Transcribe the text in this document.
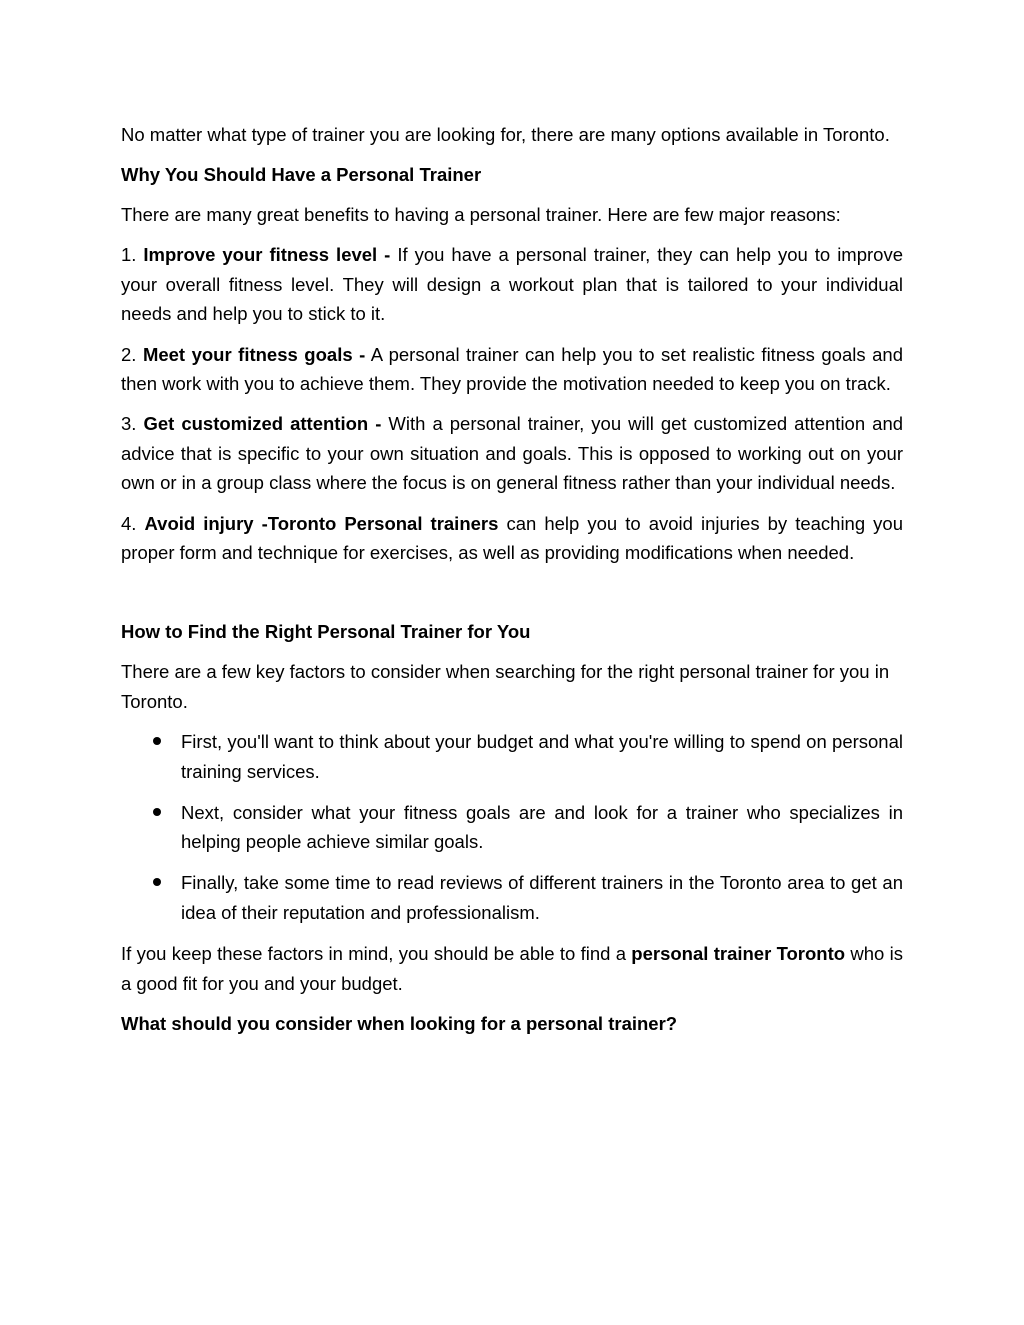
No matter what type of trainer you are looking for, there are many options available in Toronto.

Why You Should Have a Personal Trainer

There are many great benefits to having a personal trainer. Here are few major reasons:

1. Improve your fitness level - If you have a personal trainer, they can help you to improve your overall fitness level. They will design a workout plan that is tailored to your individual needs and help you to stick to it.

2. Meet your fitness goals - A personal trainer can help you to set realistic fitness goals and then work with you to achieve them. They provide the motivation needed to keep you on track.

3. Get customized attention - With a personal trainer, you will get customized attention and advice that is specific to your own situation and goals. This is opposed to working out on your own or in a group class where the focus is on general fitness rather than your individual needs.

4. Avoid injury -Toronto Personal trainers can help you to avoid injuries by teaching you proper form and technique for exercises, as well as providing modifications when needed.

How to Find the Right Personal Trainer for You

There are a few key factors to consider when searching for the right personal trainer for you in Toronto.

First, you'll want to think about your budget and what you're willing to spend on personal training services.
Next, consider what your fitness goals are and look for a trainer who specializes in helping people achieve similar goals.
Finally, take some time to read reviews of different trainers in the Toronto area to get an idea of their reputation and professionalism.

If you keep these factors in mind, you should be able to find a personal trainer Toronto who is a good fit for you and your budget.

What should you consider when looking for a personal trainer?
